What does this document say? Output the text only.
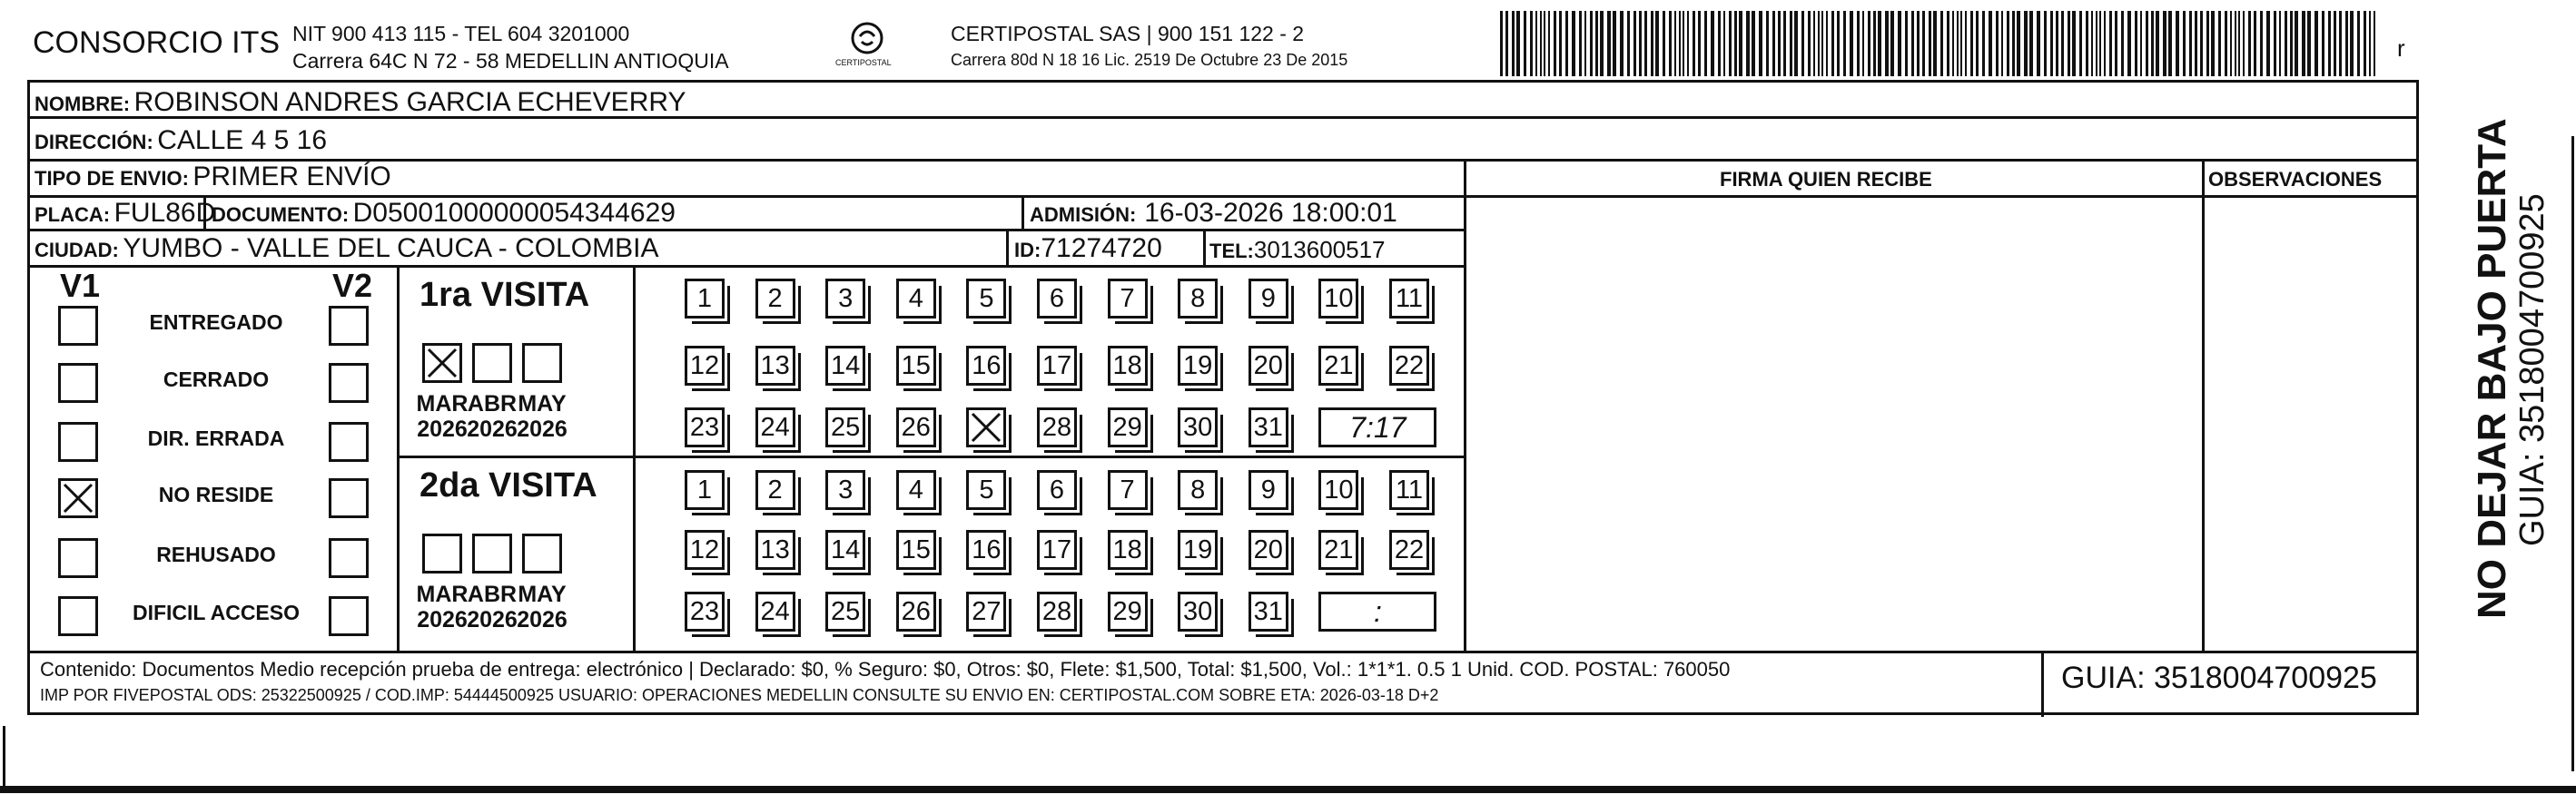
CONSORCIO ITS NIT 900 413 115 - TEL 604 3201000
Carrera 64C N 72 - 58 MEDELLIN ANTIOQUIA	CERTIPOSTAL
CERTIPOSTAL SAS | 900 151 122 - 2
Carrera 80d N 18 16 Lic. 2519 De Octubre 23 De 2015
ʴ
r
NOMBRE: ROBINSON ANDRES GARCIA ECHEVERRY
DIRECCIÓN: CALLE 4 5 16
TIPO DE ENVIO: PRIMER ENVÍO	FIRMA QUIEN RECIBE	OBSERVACIONES
PLACA: FUL86D
DOCUMENTO: D05001000000054344629	ADMISIÓN: 16-03-2026 18:00:01
CIUDAD: YUMBO - VALLE DEL CAUCA - COLOMBIA	ID:71274720 TEL:3013600517
V1	V2 1ra VISITA
2da VISITA
Contenido: Documentos Medio recepción prueba de entrega: electrónico | Declarado: $0, % Seguro: $0, Otros: $0, Flete: $1,500, Total: $1,500, Vol.: 1*1*1. 0.5 1 Unid. COD. POSTAL: 760050
IMP POR FIVEPOSTAL ODS: 25322500925 / COD.IMP: 54444500925 USUARIO: OPERACIONES MEDELLIN CONSULTE SU ENVIO EN: CERTIPOSTAL.COM SOBRE ETA: 2026-03-18 D+2	GUIA: 3518004700925
NO DEJAR BAJO PUERTA GUIA: 3518004700925
ENTREGADO
CERRADO
DIR. ERRADA
NO RESIDE
REHUSADO
DIFICIL ACCESO
MAR
2026
ABR
2026
MAY
2026
MAR
2026
ABR
2026
MAY
2026
1	2	3	4	5	6	7	8	9	10 11
12 13 14 15 16 17 18 19 20 21 22
23 24 25 26	28 29 30 31	7:17
1	2	3	4	5	6	7	8	9	10 11
12 13 14 15 16 17 18 19 20 21 22
23 24 25 26 27 28 29 30 31	:
